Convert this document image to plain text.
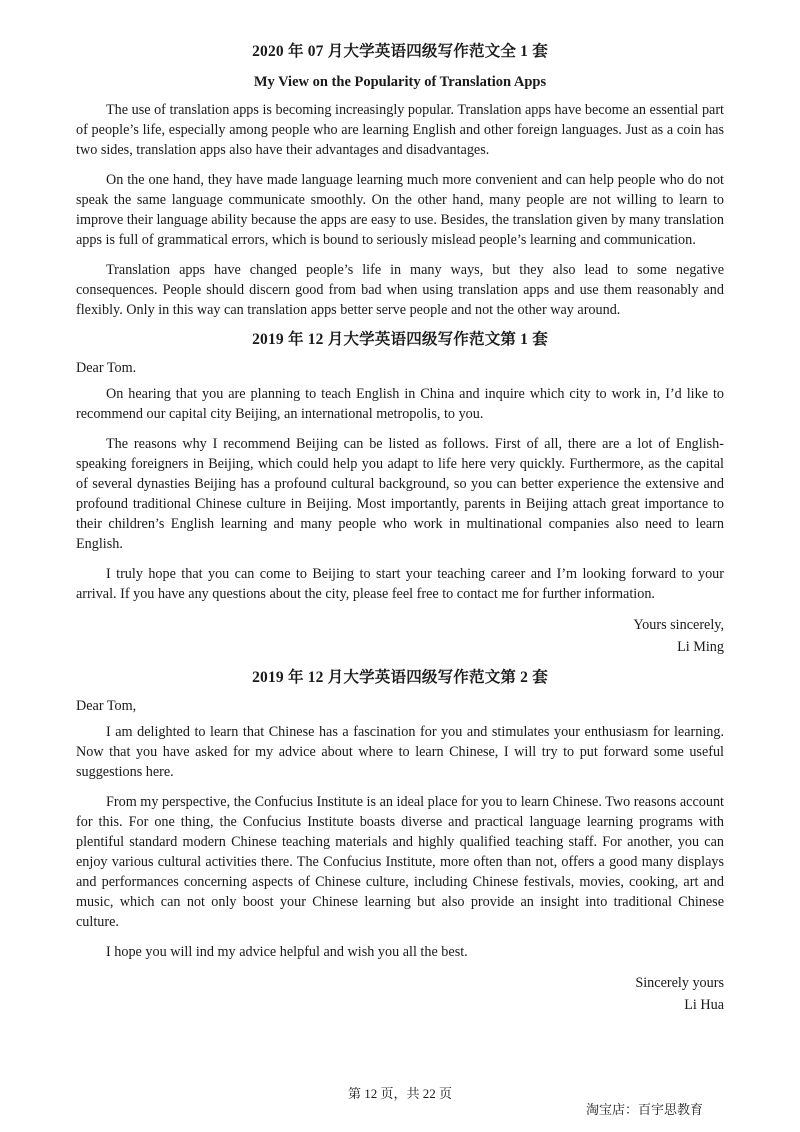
2020 年 07 月大学英语四级写作范文全 1 套
My View on the Popularity of Translation Apps

The use of translation apps is becoming increasingly popular. Translation apps have become an essential part of people’s life, especially among people who are learning English and other foreign languages. Just as a coin has two sides, translation apps also have their advantages and disadvantages.

On the one hand, they have made language learning much more convenient and can help people who do not speak the same language communicate smoothly. On the other hand, many people are not willing to learn to improve their language ability because the apps are easy to use. Besides, the translation given by many translation apps is full of grammatical errors, which is bound to seriously mislead people’s learning and communication.

Translation apps have changed people’s life in many ways, but they also lead to some negative consequences. People should discern good from bad when using translation apps and use them reasonably and flexibly. Only in this way can translation apps better serve people and not the other way around.

2019 年 12 月大学英语四级写作范文第 1 套

Dear Tom.

On hearing that you are planning to teach English in China and inquire which city to work in, I’d like to recommend our capital city Beijing, an international metropolis, to you.

The reasons why I recommend Beijing can be listed as follows. First of all, there are a lot of English-speaking foreigners in Beijing, which could help you adapt to life here very quickly. Furthermore, as the capital of several dynasties Beijing has a profound cultural background, so you can better experience the extensive and profound traditional Chinese culture in Beijing. Most importantly, parents in Beijing attach great importance to their children’s English learning and many people who work in multinational companies also need to learn English.

I truly hope that you can come to Beijing to start your teaching career and I’m looking forward to your arrival. If you have any questions about the city, please feel free to contact me for further information.

Yours sincerely,

Li Ming

2019 年 12 月大学英语四级写作范文第 2 套

Dear Tom,

I am delighted to learn that Chinese has a fascination for you and stimulates your enthusiasm for learning. Now that you have asked for my advice about where to learn Chinese, I will try to put forward some useful suggestions here.

From my perspective, the Confucius Institute is an ideal place for you to learn Chinese. Two reasons account for this. For one thing, the Confucius Institute boasts diverse and practical language learning programs with plentiful standard modern Chinese teaching materials and highly qualified teaching staff. For another, you can enjoy various cultural activities there. The Confucius Institute, more often than not, offers a good many displays and performances concerning aspects of Chinese culture, including Chinese festivals, movies, cooking, art and music, which can not only boost your Chinese learning but also provide an insight into traditional Chinese culture.

I hope you will ind my advice helpful and wish you all the best.

Sincerely yours

Li Hua

第 12 页，共 22 页
淘宝店：百宇思教育
